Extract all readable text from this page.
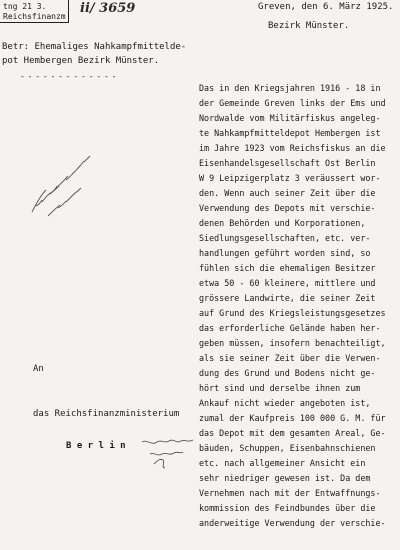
tng 21 3.
Reichsfinanzm
ii/ 3659	Greven, den 6. März 1925.
Bezirk Münster.
Betr: Ehemaliges Nahkampfmittelde-
pot Hembergen Bezirk Münster.
- - - - - - - - - - - - -
An
das Reichsfinanzministerium
B e r l i n
Das in den Kriegsjahren 1916 - 18 in
der Gemeinde Greven links der Ems und
Nordwalde vom Militärfiskus angeleg-
te Nahkampfmitteldepot Hembergen ist
im Jahre 1923 vom Reichsfiskus an die
Eisenhandelsgesellschaft Ost Berlin
W 9 Leipzigerplatz 3 veräussert wor-
den. Wenn auch seiner Zeit über die
Verwendung des Depots mit verschie-
denen Behörden und Korporationen,
Siedlungsgesellschaften, etc. ver-
handlungen geführt worden sind, so
fühlen sich die ehemaligen Besitzer
etwa 50 - 60 kleinere, mittlere und
grössere Landwirte, die seiner Zeit
auf Grund des Kriegsleistungsgesetzes
das erforderliche Gelände haben her-
geben müssen, insofern benachteiligt,
als sie seiner Zeit über die Verwen-
dung des Grund und Bodens nicht ge-
hört sind und derselbe ihnen zum
Ankauf nicht wieder angeboten ist,
zumal der Kaufpreis 100 000 G. M. für
das Depot mit dem gesamten Areal, Ge-
bäuden, Schuppen, Eisenbahnschienen
etc. nach allgemeiner Ansicht ein
sehr niedriger gewesen ist. Da dem
Vernehmen nach mit der Entwaffnungs-
kommission des Feindbundes über die
anderweitige Verwendung der verschie-
